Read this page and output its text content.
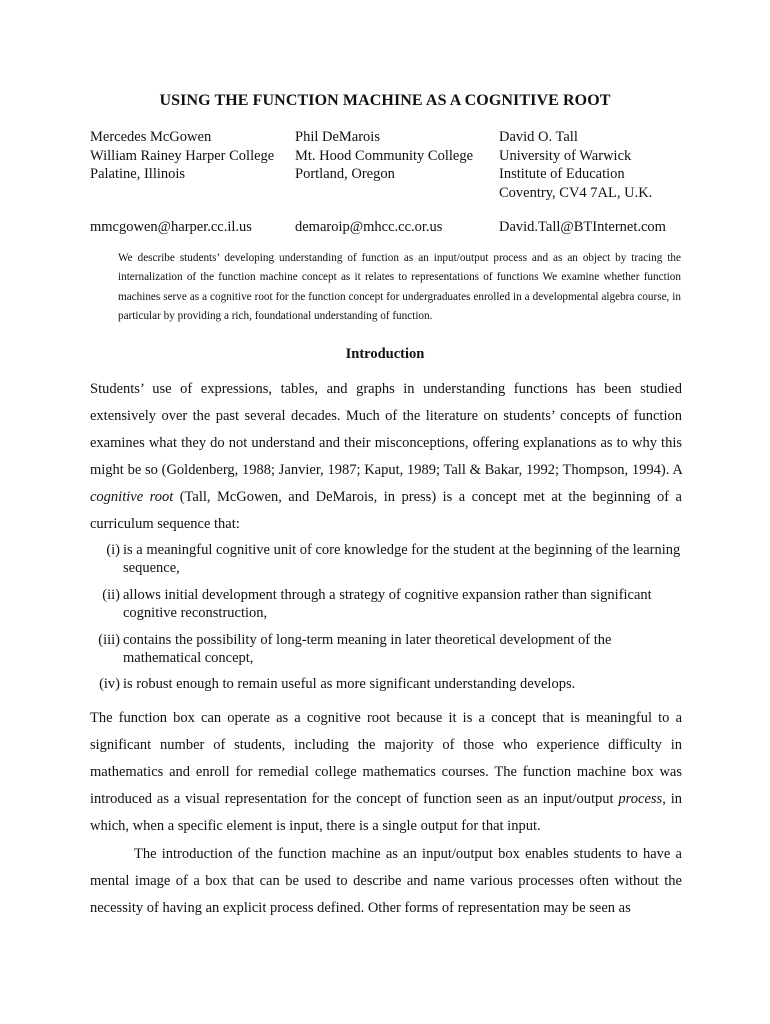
USING THE FUNCTION MACHINE AS A COGNITIVE ROOT
Mercedes McGowen
William Rainey Harper College
Palatine, Illinois
Phil DeMarois
Mt. Hood Community College
Portland, Oregon
David O. Tall
University of Warwick
Institute of Education
Coventry, CV4 7AL, U.K.
mmcgowen@harper.cc.il.us	demaroip@mhcc.cc.or.us	David.Tall@BTInternet.com

We describe students’ developing understanding of function as an input/output process and as an object by tracing the internalization of the function machine concept as it relates to representations of functions We examine whether function machines serve as a cognitive root for the function concept for undergraduates enrolled in a developmental algebra course, in particular by providing a rich, foundational understanding of function.

Introduction

Students’ use of expressions, tables, and graphs in understanding functions has been studied extensively over the past several decades. Much of the literature on students’ concepts of function examines what they do not understand and their misconceptions, offering explanations as to why this might be so (Goldenberg, 1988; Janvier, 1987; Kaput, 1989; Tall & Bakar, 1992; Thompson, 1994). A cognitive root (Tall, McGowen, and DeMarois, in press) is a concept met at the beginning of a curriculum sequence that:

(i) is a meaningful cognitive unit of core knowledge for the student at the beginning of the learning sequence,
(ii) allows initial development through a strategy of cognitive expansion rather than significant cognitive reconstruction,
(iii) contains the possibility of long-term meaning in later theoretical development of the mathematical concept,
(iv) is robust enough to remain useful as more significant understanding develops.

The function box can operate as a cognitive root because it is a concept that is meaningful to a significant number of students, including the majority of those who experience difficulty in mathematics and enroll for remedial college mathematics courses. The function machine box was introduced as a visual representation for the concept of function seen as an input/output process, in which, when a specific element is input, there is a single output for that input.

The introduction of the function machine as an input/output box enables students to have a mental image of a box that can be used to describe and name various processes often without the necessity of having an explicit process defined. Other forms of representation may be seen as
